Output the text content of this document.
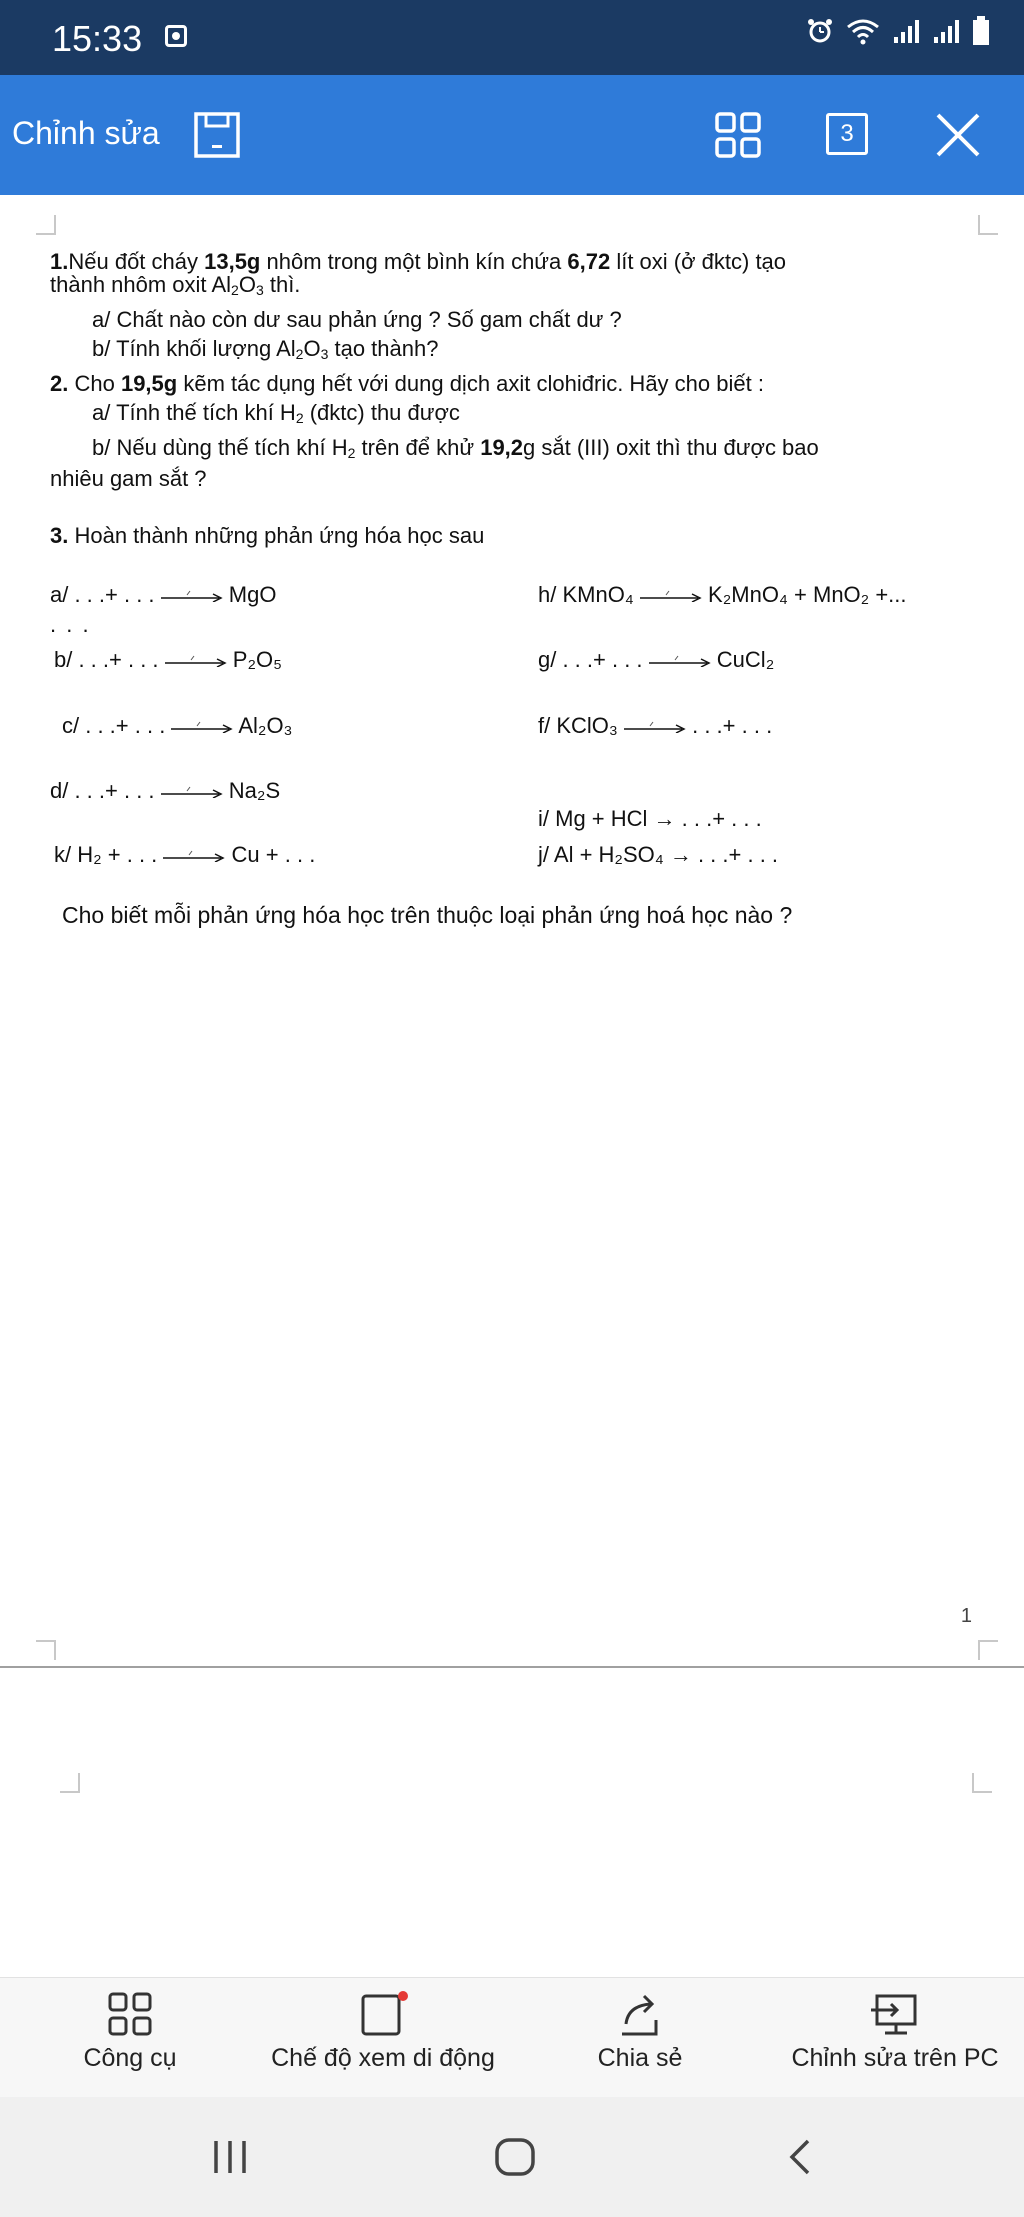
15:33
Chỉnh sửa	3

1.Nếu đốt cháy 13,5g nhôm trong một bình kín chứa 6,72 lít oxi (ở đktc) tạo

thành nhôm oxit $Al_2O_3$ thì.

a/ Chất nào còn dư sau phản ứng ? Số gam chất dư ?

b/ Tính khối lượng $Al_2O_3$ tạo thành?

2. Cho 19,5g kẽm tác dụng hết với dung dịch axit clohiđric. Hãy cho biết :

a/ Tính thế tích khí $H_2$ (đktc) thu được

b/ Nếu dùng thế tích khí $H_2$ trên để khử 19,2g sắt (III) oxit thì thu được bao

nhiêu gam sắt ?

3. Hoàn thành những phản ứng hóa học sau

a/ . . .+ . . . → MgO
. . .
b/ . . .+ . . . → P₂O₅
c/ . . .+ . . . → Al₂O₃
d/ . . .+ . . . → Na₂S
k/ H₂ + . . . → Cu + . . .
h/ KMnO₄ → K₂MnO₄ + MnO₂ +...
g/ . . .+ . . . → CuCl₂
f/ KClO₃ → . . .+ . . .
i/ Mg + HCl → . . .+ . . .
j/ Al + H₂SO₄ → . . .+ . . .
Cho biết mỗi phản ứng hóa học trên thuộc loại phản ứng hoá học nào ?
1
Công cụ	Chế độ xem di động	Chia sẻ	Chỉnh sửa trên PC
